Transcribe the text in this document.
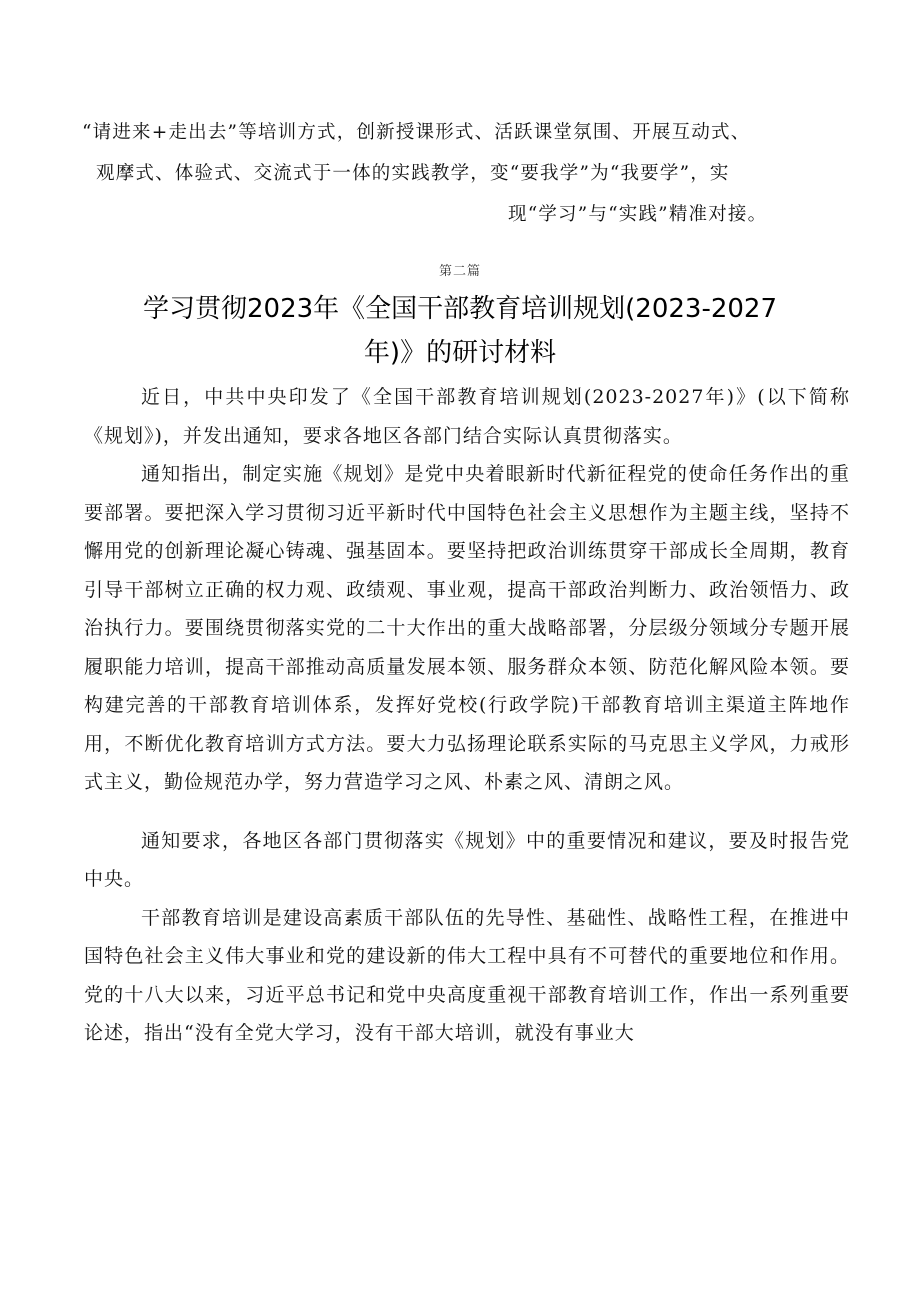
“请进来+走出去”等培训方式，创新授课形式、活跃课堂氛围、开展互动式、
观摩式、体验式、交流式于一体的实践教学，变“要我学”为“我要学”，实
现“学习”与“实践”精准对接。
第二篇
学习贯彻2023年《全国干部教育培训规划(2023-2027
年)》的研讨材料

近日，中共中央印发了《全国干部教育培训规划(2023-2027年)》(以下简称《规划》)，并发出通知，要求各地区各部门结合实际认真贯彻落实。

通知指出，制定实施《规划》是党中央着眼新时代新征程党的使命任务作出的重要部署。要把深入学习贯彻习近平新时代中国特色社会主义思想作为主题主线，坚持不懈用党的创新理论凝心铸魂、强基固本。要坚持把政治训练贯穿干部成长全周期，教育引导干部树立正确的权力观、政绩观、事业观，提高干部政治判断力、政治领悟力、政治执行力。要围绕贯彻落实党的二十大作出的重大战略部署，分层级分领域分专题开展履职能力培训，提高干部推动高质量发展本领、服务群众本领、防范化解风险本领。要构建完善的干部教育培训体系，发挥好党校(行政学院)干部教育培训主渠道主阵地作用，不断优化教育培训方式方法。要大力弘扬理论联系实际的马克思主义学风，力戒形式主义，勤俭规范办学，努力营造学习之风、朴素之风、清朗之风。

通知要求，各地区各部门贯彻落实《规划》中的重要情况和建议，要及时报告党中央。

干部教育培训是建设高素质干部队伍的先导性、基础性、战略性工程，在推进中国特色社会主义伟大事业和党的建设新的伟大工程中具有不可替代的重要地位和作用。党的十八大以来，习近平总书记和党中央高度重视干部教育培训工作，作出一系列重要论述，指出“没有全党大学习，没有干部大培训，就没有事业大
